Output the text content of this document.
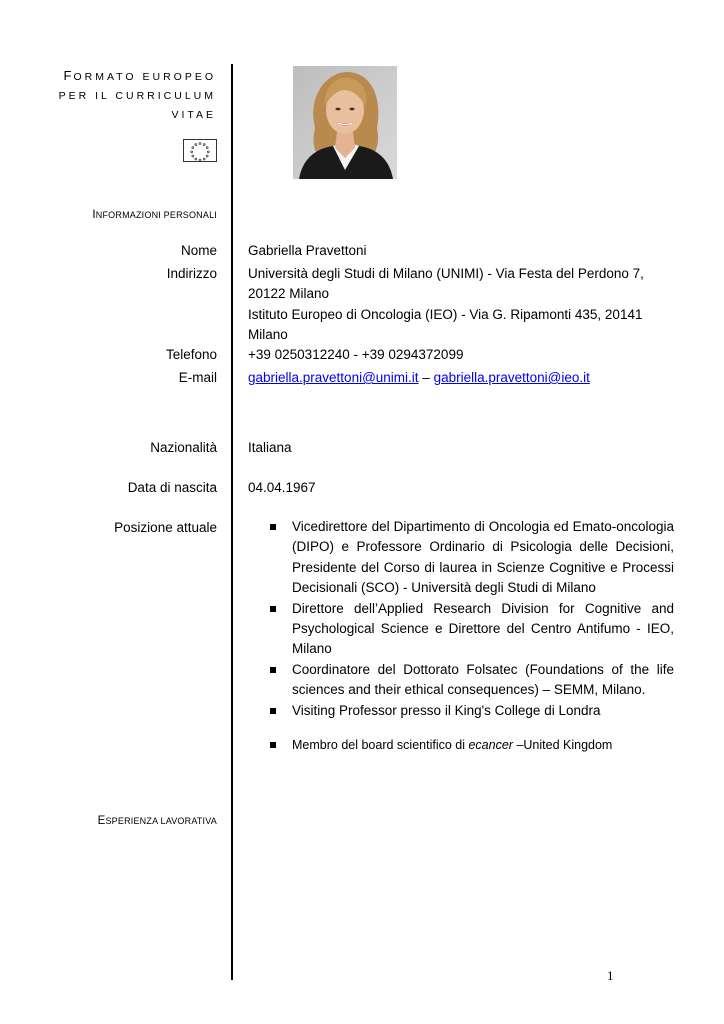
FORMATO EUROPEO
PER IL CURRICULUM
VITAE
INFORMAZIONI PERSONALI
Nome Gabriella Pravettoni
Indirizzo Università degli Studi di Milano (UNIMI) - Via Festa del Perdono 7,
20122 Milano
Istituto Europeo di Oncologia (IEO) - Via G. Ripamonti 435, 20141
Milano
Telefono +39 0250312240 - +39 0294372099
E-mail gabriella.pravettoni@unimi.it – gabriella.pravettoni@ieo.it
Nazionalità Italiana
Data di nascita 04.04.1967
Posizione attuale	Vicedirettore del Dipartimento di Oncologia ed Emato-oncologia (DIPO) e Professore Ordinario di Psicologia delle Decisioni, Presidente del Corso di laurea in Scienze Cognitive e Processi Decisionali (SCO) - Università degli Studi di Milano
Direttore dell’Applied Research Division for Cognitive and Psychological Science e Direttore del Centro Antifumo - IEO, Milano
Coordinatore del Dottorato Folsatec (Foundations of the life sciences and their ethical consequences) – SEMM, Milano.
Visiting Professor presso il King's College di Londra
Membro del board scientifico di ecancer –United Kingdom
ESPERIENZA LAVORATIVA
1
